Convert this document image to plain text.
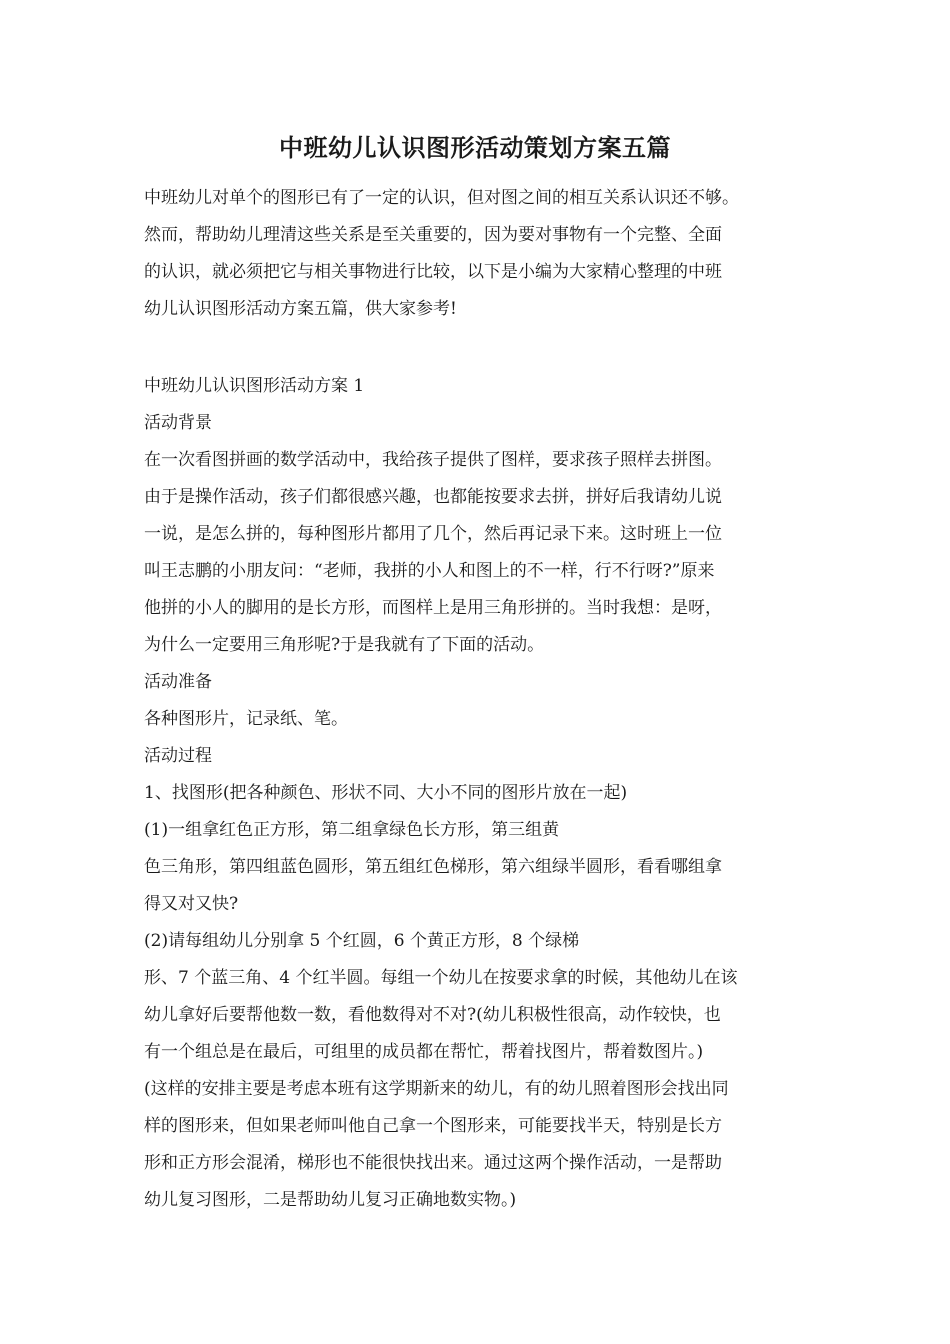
中班幼儿认识图形活动策划方案五篇
中班幼儿对单个的图形已有了一定的认识，但对图之间的相互关系认识还不够。
然而，帮助幼儿理清这些关系是至关重要的，因为要对事物有一个完整、全面
的认识，就必须把它与相关事物进行比较，以下是小编为大家精心整理的中班
幼儿认识图形活动方案五篇，供大家参考!
中班幼儿认识图形活动方案 1
活动背景
在一次看图拼画的数学活动中，我给孩子提供了图样，要求孩子照样去拼图。
由于是操作活动，孩子们都很感兴趣，也都能按要求去拼，拼好后我请幼儿说
一说，是怎么拼的，每种图形片都用了几个，然后再记录下来。这时班上一位
叫王志鹏的小朋友问：“老师，我拼的小人和图上的不一样，行不行呀?”原来
他拼的小人的脚用的是长方形，而图样上是用三角形拼的。当时我想：是呀，
为什么一定要用三角形呢?于是我就有了下面的活动。
活动准备
各种图形片，记录纸、笔。
活动过程
1、找图形(把各种颜色、形状不同、大小不同的图形片放在一起)
(1)一组拿红色正方形，第二组拿绿色长方形，第三组黄
色三角形，第四组蓝色圆形，第五组红色梯形，第六组绿半圆形，看看哪组拿
得又对又快?
(2)请每组幼儿分别拿 5 个红圆，6 个黄正方形，8 个绿梯
形、7 个蓝三角、4 个红半圆。每组一个幼儿在按要求拿的时候，其他幼儿在该
幼儿拿好后要帮他数一数，看他数得对不对?(幼儿积极性很高，动作较快，也
有一个组总是在最后，可组里的成员都在帮忙，帮着找图片，帮着数图片。)
(这样的安排主要是考虑本班有这学期新来的幼儿，有的幼儿照着图形会找出同
样的图形来，但如果老师叫他自己拿一个图形来，可能要找半天，特别是长方
形和正方形会混淆，梯形也不能很快找出来。通过这两个操作活动，一是帮助
幼儿复习图形，二是帮助幼儿复习正确地数实物。)
